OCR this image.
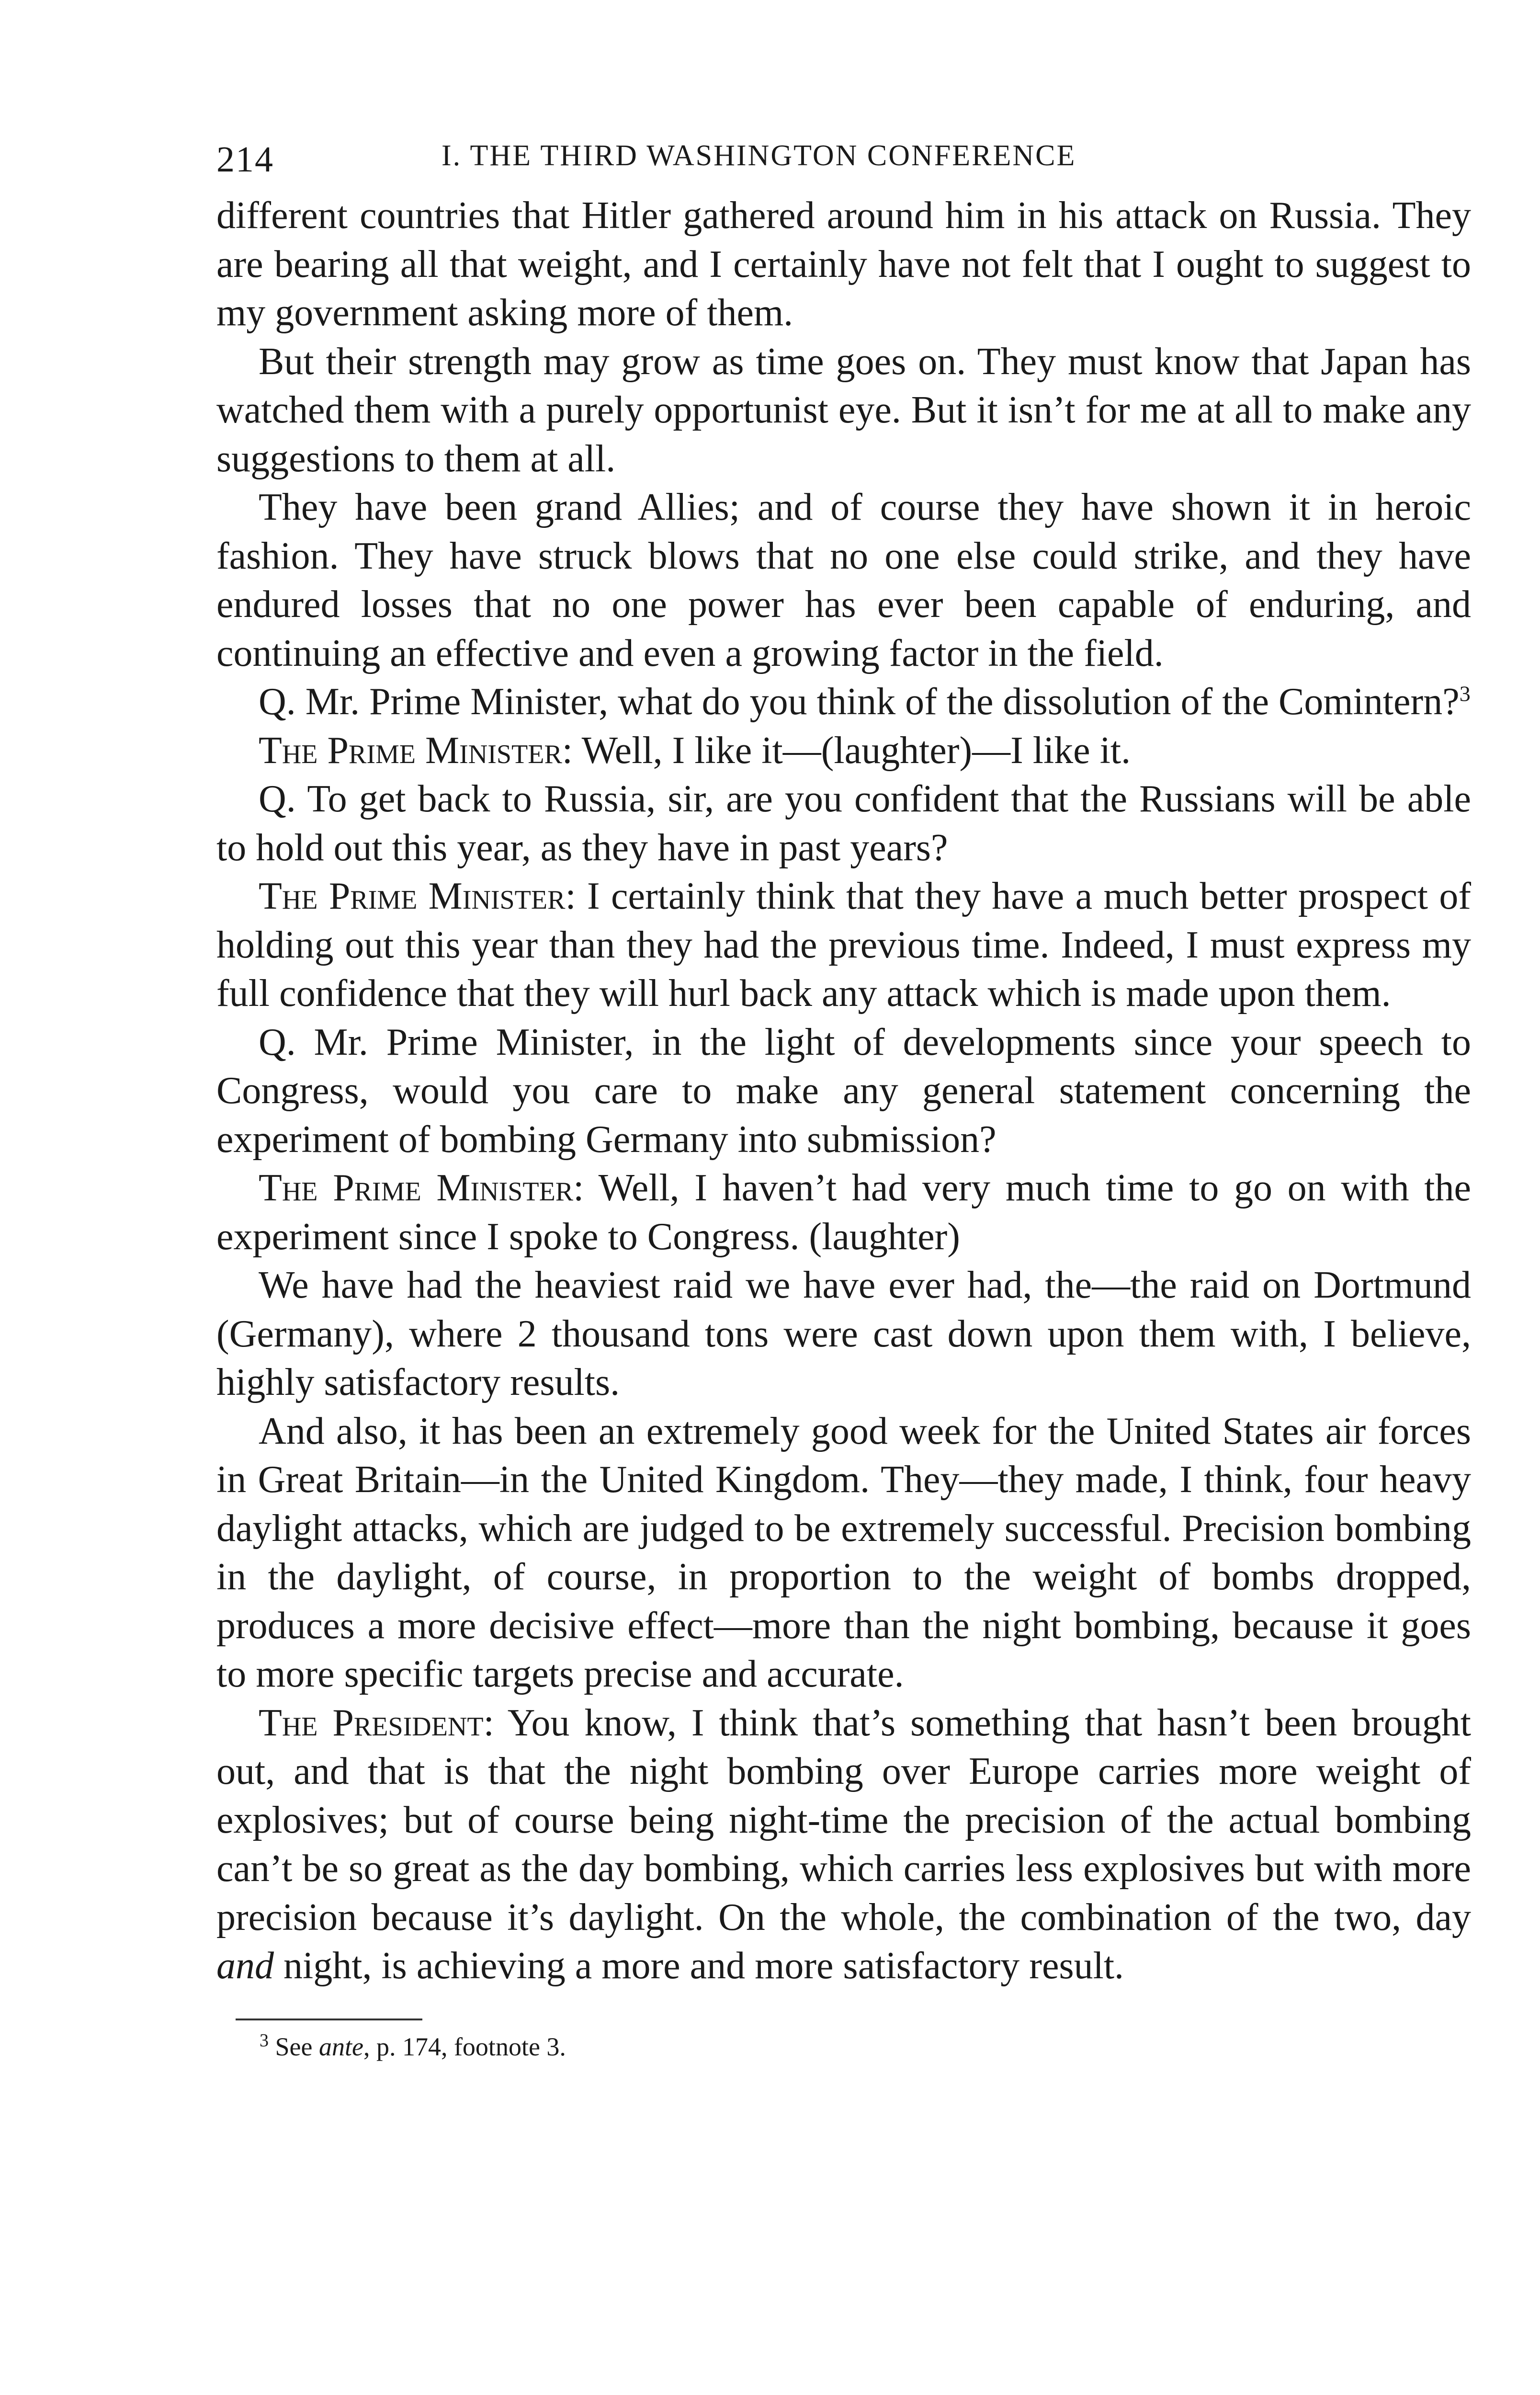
214	I. THE THIRD WASHINGTON CONFERENCE

different countries that Hitler gathered around him in his attack on Russia. They are bearing all that weight, and I certainly have not felt that I ought to suggest to my government asking more of them.

But their strength may grow as time goes on. They must know that Japan has watched them with a purely opportunist eye. But it isn’t for me at all to make any suggestions to them at all.

They have been grand Allies; and of course they have shown it in heroic fashion. They have struck blows that no one else could strike, and they have endured losses that no one power has ever been capable of enduring, and continuing an effective and even a growing factor in the field.

Q. Mr. Prime Minister, what do you think of the dissolution of the Comintern?$^3$

The Prime Minister: Well, I like it—(laughter)—I like it.

Q. To get back to Russia, sir, are you confident that the Russians will be able to hold out this year, as they have in past years?

The Prime Minister: I certainly think that they have a much better prospect of holding out this year than they had the previous time. Indeed, I must express my full confidence that they will hurl back any attack which is made upon them.

Q. Mr. Prime Minister, in the light of developments since your speech to Congress, would you care to make any general statement concerning the experiment of bombing Germany into submission?

The Prime Minister: Well, I haven’t had very much time to go on with the experiment since I spoke to Congress. (laughter)

We have had the heaviest raid we have ever had, the—the raid on Dortmund (Germany), where 2 thousand tons were cast down upon them with, I believe, highly satisfactory results.

And also, it has been an extremely good week for the United States air forces in Great Britain—in the United Kingdom. They—they made, I think, four heavy daylight attacks, which are judged to be extremely successful. Precision bombing in the daylight, of course, in proportion to the weight of bombs dropped, produces a more decisive effect—more than the night bombing, because it goes to more specific targets precise and accurate.

The President: You know, I think that’s something that hasn’t been brought out, and that is that the night bombing over Europe carries more weight of explosives; but of course being night-time the precision of the actual bombing can’t be so great as the day bombing, which carries less explosives but with more precision because it’s daylight. On the whole, the combination of the two, day and night, is achieving a more and more satisfactory result.

$^3$ See ante, p. 174, footnote 3.
